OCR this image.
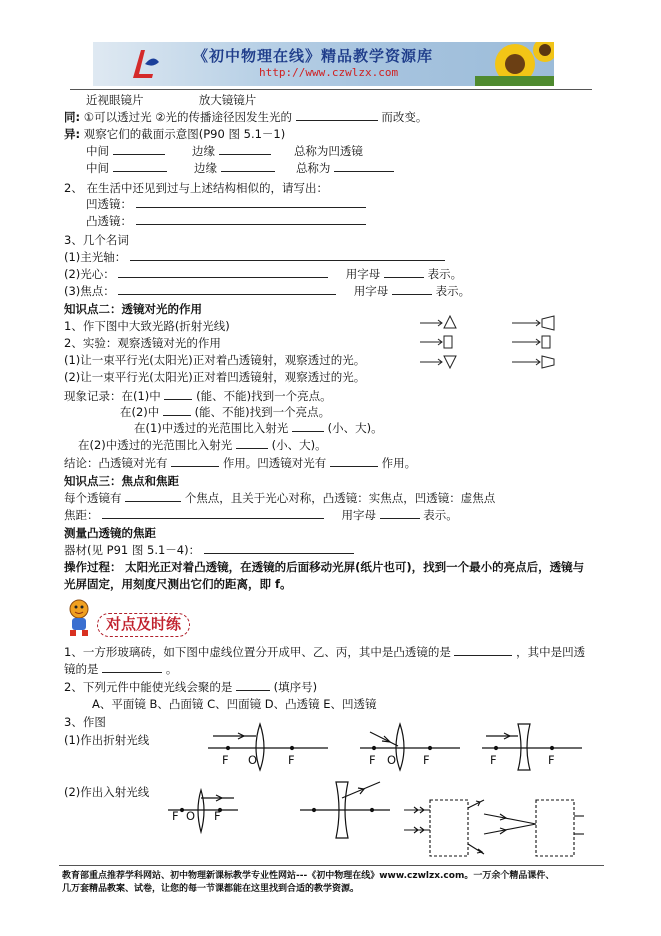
《初中物理在线》精品教学资源库
http://www.czwlzx.com
近视眼镜片	放大镜镜片
同: ①可以透过光 ②光的传播途径因发生光的	而改变。
异: 观察它们的截面示意图(P90 图 5.1－1)
中间	边缘	总称为凹透镜
中间	边缘	总称为
2、 在生活中还见到过与上述结构相似的，请写出：
凹透镜：
凸透镜：
3、几个名词
(1)主光轴：
(2)光心：	用字母	表示。
(3)焦点：	用字母	表示。
知识点二：透镜对光的作用
1、作下图中大致光路(折射光线)
2、实验：观察透镜对光的作用
(1)让一束平行光(太阳光)正对着凸透镜射，观察透过的光。
(2)让一束平行光(太阳光)正对着凹透镜射，观察透过的光。
现象记录：在(1)中	(能、不能)找到一个亮点。
在(2)中	(能、不能)找到一个亮点。
在(1)中透过的光范围比入射光	(小、大)。
在(2)中透过的光范围比入射光	(小、大)。
结论：凸透镜对光有	作用。凹透镜对光有	作用。
知识点三：焦点和焦距
每个透镜有	个焦点，且关于光心对称，凸透镜：实焦点，凹透镜：虚焦点
焦距：	用字母	表示。
测量凸透镜的焦距
器材(见 P91 图 5.1－4)：
操作过程： 太阳光正对着凸透镜，在透镜的后面移动光屏(纸片也可)，找到一个最小的亮点后，透镜与
光屏固定，用刻度尺测出它们的距离，即 f。
对点及时练
1、一方形玻璃砖，如下图中虚线位置分开成甲、乙、丙，其中是凸透镜的是	，其中是凹透
镜的是	。
2、下列元件中能使光线会聚的是	(填序号)
A、平面镜 B、凸面镜 C、凹面镜 D、凸透镜 E、凹透镜
3、作图
(1)作出折射光线
(2)作出入射光线
F O	F	F O F	F	F
F O F
教育部重点推荐学科网站、初中物理新课标教学专业性网站---《初中物理在线》www.czwlzx.com。一万余个精品课件、
几万套精品教案、试卷，让您的每一节课都能在这里找到合适的教学资源。
